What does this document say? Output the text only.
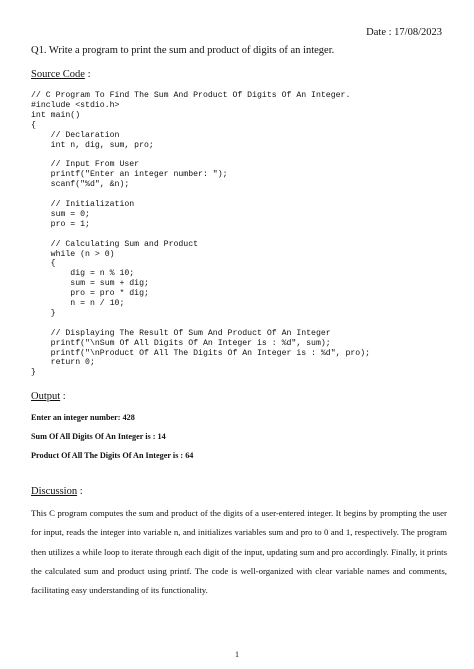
Date : 17/08/2023
Q1. Write a program to print the sum and product of digits of an integer.
Source Code :
// C Program To Find The Sum And Product Of Digits Of An Integer.
#include <stdio.h>
int main()
{
// Declaration
int n, dig, sum, pro;

// Input From User
printf("Enter an integer number: ");
scanf("%d", &n);

// Initialization
sum = 0;
pro = 1;

// Calculating Sum and Product
while (n > 0)
{
dig = n % 10;
sum = sum + dig;
pro = pro * dig;
n = n / 10;
}

// Displaying The Result Of Sum And Product Of An Integer
printf("\nSum Of All Digits Of An Integer is : %d", sum);
printf("\nProduct Of All The Digits Of An Integer is : %d", pro);
return 0;
}
Output :
Enter an integer number: 428
Sum Of All Digits Of An Integer is : 14
Product Of All The Digits Of An Integer is : 64
Discussion :

This C program computes the sum and product of the digits of a user-entered integer. It begins by prompting the user for input, reads the integer into variable n, and initializes variables sum and pro to 0 and 1, respectively. The program then utilizes a while loop to iterate through each digit of the input, updating sum and pro accordingly. Finally, it prints the calculated sum and product using printf. The code is well-organized with clear variable names and comments, facilitating easy understanding of its functionality.

1
